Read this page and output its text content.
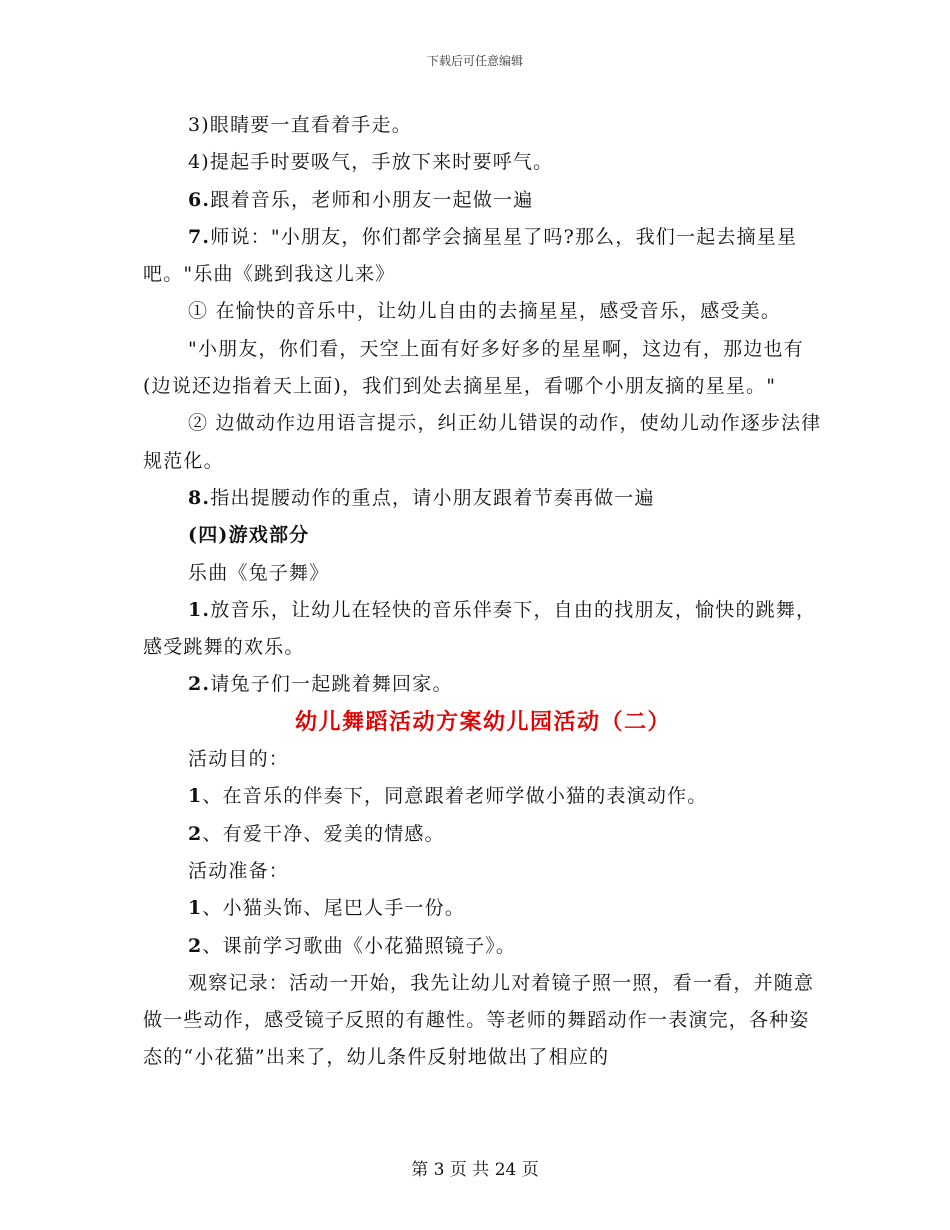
下载后可任意编辑

3)眼睛要一直看着手走。

4)提起手时要吸气，手放下来时要呼气。

6.跟着音乐，老师和小朋友一起做一遍

7.师说："小朋友，你们都学会摘星星了吗?那么，我们一起去摘星星吧。"乐曲《跳到我这儿来》

① 在愉快的音乐中，让幼儿自由的去摘星星，感受音乐，感受美。

"小朋友，你们看，天空上面有好多好多的星星啊，这边有，那边也有(边说还边指着天上面)，我们到处去摘星星，看哪个小朋友摘的星星。"

② 边做动作边用语言提示，纠正幼儿错误的动作，使幼儿动作逐步法律规范化。

8.指出提腰动作的重点，请小朋友跟着节奏再做一遍

(四)游戏部分

乐曲《兔子舞》

1.放音乐，让幼儿在轻快的音乐伴奏下，自由的找朋友，愉快的跳舞，感受跳舞的欢乐。

2.请兔子们一起跳着舞回家。

幼儿舞蹈活动方案幼儿园活动（二）

活动目的：

1、在音乐的伴奏下，同意跟着老师学做小猫的表演动作。

2、有爱干净、爱美的情感。

活动准备：

1、小猫头饰、尾巴人手一份。

2、课前学习歌曲《小花猫照镜子》。

观察记录：活动一开始，我先让幼儿对着镜子照一照，看一看，并随意做一些动作，感受镜子反照的有趣性。等老师的舞蹈动作一表演完，各种姿态的“小花猫”出来了，幼儿条件反射地做出了相应的

第 3 页 共 24 页
